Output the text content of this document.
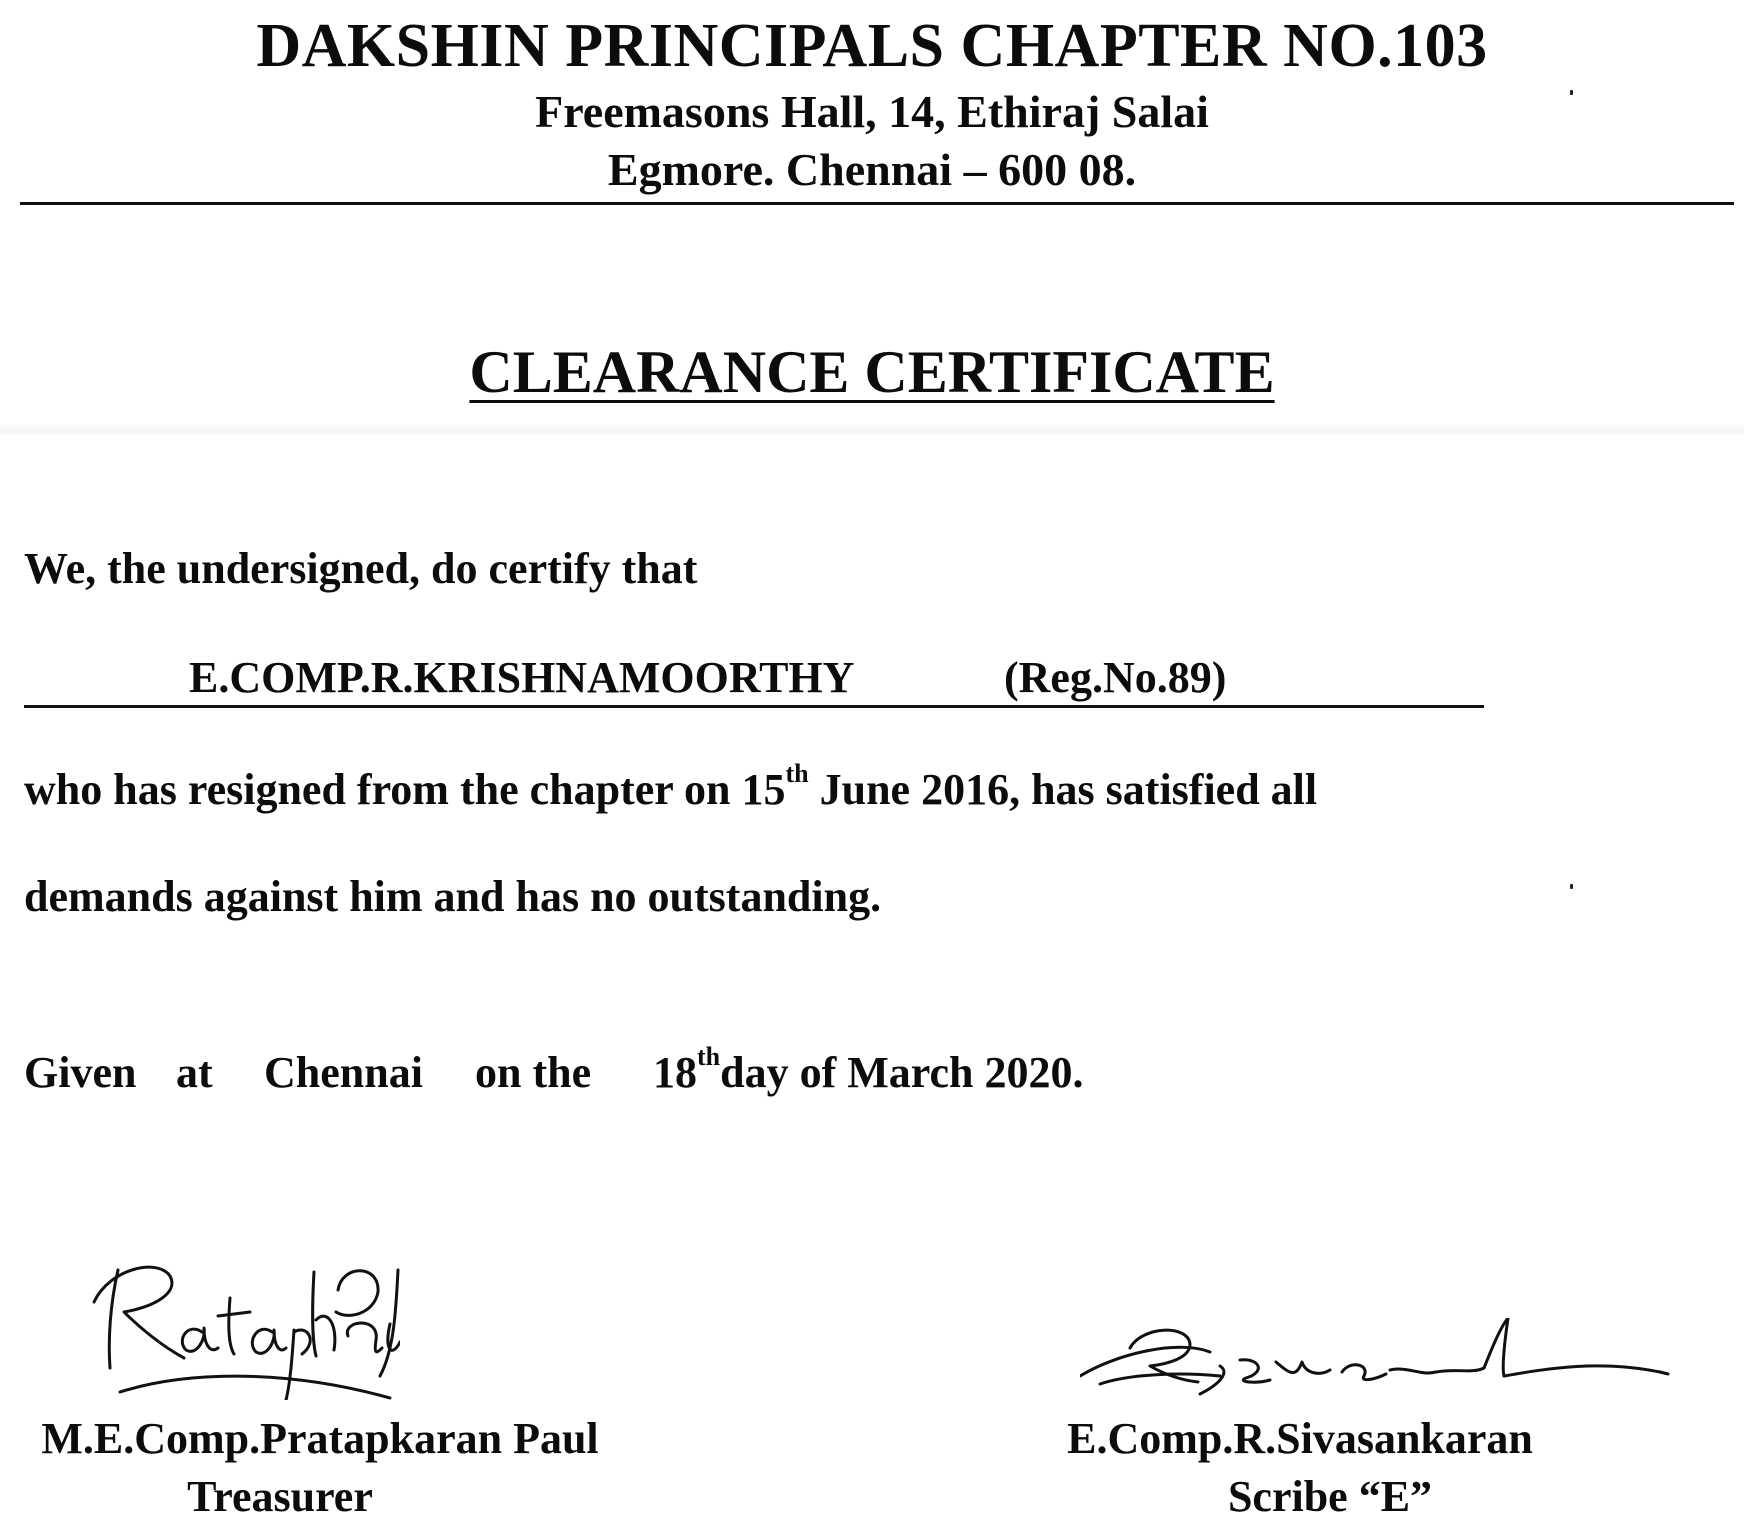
DAKSHIN PRINCIPALS CHAPTER NO.103
Freemasons Hall, 14, Ethiraj Salai
Egmore. Chennai – 600 08.
CLEARANCE CERTIFICATE
We, the undersigned, do certify that
E.COMP.R.KRISHNAMOORTHY	(Reg.No.89)
who has resigned from the chapter on 15th June 2016, has satisfied all
demands against him and has no outstanding.
Given at Chennai on the 18thday of March 2020.
M.E.Comp.Pratapkaran Paul
Treasurer
E.Comp.R.Sivasankaran
Scribe “E”
